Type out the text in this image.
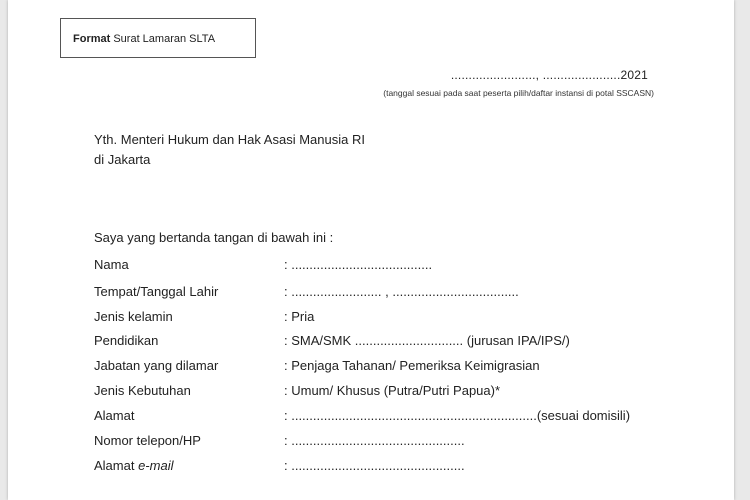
Format Surat Lamaran SLTA
........................, ......................2021
(tanggal sesuai pada saat peserta pilih/daftar instansi di potal SSCASN)
Yth. Menteri Hukum dan Hak Asasi Manusia RI
di Jakarta
Saya yang bertanda tangan di bawah ini :
Nama	: .......................................
Tempat/Tanggal Lahir	: ......................... , ...................................
Jenis kelamin	: Pria
Pendidikan	: SMA/SMK .............................. (jurusan IPA/IPS/)
Jabatan yang dilamar	: Penjaga Tahanan/ Pemeriksa Keimigrasian
Jenis Kebutuhan	: Umum/ Khusus (Putra/Putri Papua)*
Alamat	: ....................................................................(sesuai domisili)
Nomor telepon/HP	: ................................................
Alamat e-mail	: ................................................
